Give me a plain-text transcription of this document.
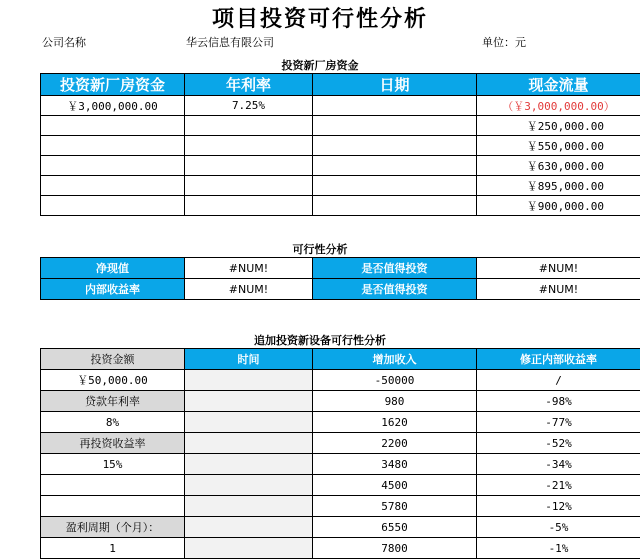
项目投资可行性分析
公司名称	华云信息有限公司	单位：元
投资新厂房资金
投资新厂房资金	年利率	日期	现金流量
￥3,000,000.00	7.25%		（￥3,000,000.00）
			￥250,000.00
			￥550,000.00
			￥630,000.00
			￥895,000.00
			￥900,000.00
可行性分析
净现值	#NUM!	是否值得投资	#NUM!
内部收益率	#NUM!	是否值得投资	#NUM!
追加投资新设备可行性分析
投资金额	时间	增加收入	修正内部收益率
￥50,000.00		-50000	/
贷款年利率		980	-98%
8%		1620	-77%
再投资收益率		2200	-52%
15%		3480	-34%
		4500	-21%
		5780	-12%
盈利周期（个月）：		6550	-5%
1		7800	-1%
